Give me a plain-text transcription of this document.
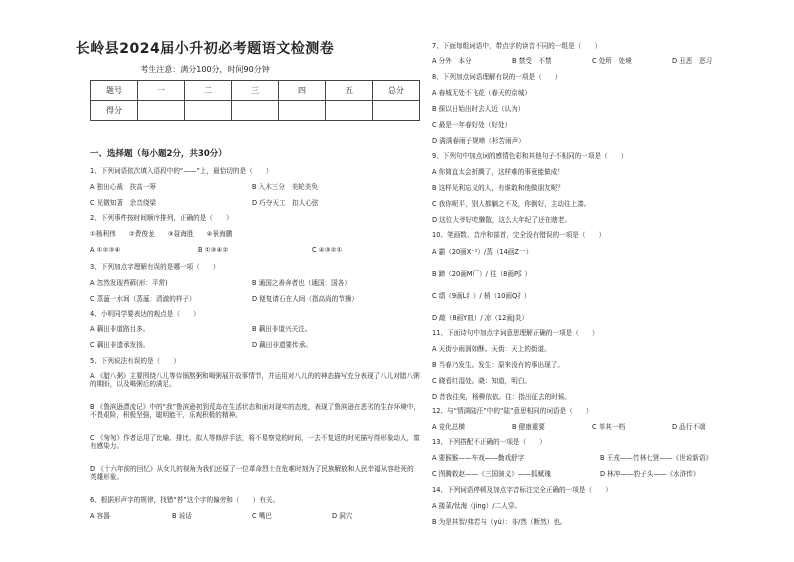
长岭县2024届小升初必考题语文检测卷
考生注意：满分100分，时间90分钟
题号	一	二	三	四	五	总分
得分						
一、选择题（每小题2分，共30分）
1、下列词语依次填入语段中的“——”上，最恰切的是（　　）
A 独出心裁　扶高一筹	B 入木三分　美轮美奂
C 见微知著　余音绕梁	D 巧夺天工　扣人心弦
2、下列事件按时间顺序排列，正确的是（　　）
①杨利伟　　②费俊龙　　③聂海胜　　④景海鹏
A ①②③④	B ①③④②	C ④③②①
3、下列加点字理解有误的是哪一项（　　）
A 忽然发现苔藓(形：平常)	B 通国之善奔者也（通国：国各）
C 蒸蕰一水间（蒸蕰：清澈的样子）	D 便复请石在人间（指高尚的节操）
4、小明同学要表达的观点是（　　）
A 藕田非道路目多。	B 藕田非道兴关注。
C 藕田非遗承发扬。	D 藕田非遗要传承。
5、下列说法有误的是（　　）
A 《腊八粥》主要围绕八儿等待锅熬粥和喝粥展开故事情节，并运用对八儿的的神态描写充分表现了八儿对腊八粥的期盼，以及喝粥后的满足。
B 《鲁滨逊漂流记》中的“我”鲁滨逊初到荒岛在生活状态和面对现实的态度，表现了鲁滨逊在恶劣的生存环境中，不畏艰险，积极坚强，聪明能干，乐观积极的精神。
C 《匆匆》作者运用了比喻、排比、拟人等修辞手法，将不易察觉的时间，一去不复返的时光描写得形象动人，富有感染力。
D 《十六年前的回忆》从女儿的视角为我们还原了一位革命烈士在危难时刻为了民族解放和人民幸福从容赴死的英雄形象。
6、根据形声字的规律，找错“苔”这个字的偏旁和（　　）有关。
A 容器	B 说话	C 嘴巴	D 洞穴
7、下面每组词语中，带点字的读音不同的一组是（　　）
A 分外　本分	B 禁受　不禁	C 处所　处境	D 丑恶　恶习
8、下列加点词语理解有误的一项是（　　）
A 春城无处不飞花（春天的京城）
B 探以日始出时去人近（认为）
C 最是一年春好处（好处）
D 满满春雨子规啼（杉苦雨声）
9、下列句中加点词的感情色彩和其他句子不相同的一项是（　　）
A 你简直太会折腾了，这样难的事竟能做成！
B 这样见利忘义的人，有谁敢和他做朋友呢？
C 我你呢平，别人都躺之不及，你倒好，主动往上凑。
D 这位大爷好吃懒散，这么大年纪了还在瞎老。
10、笔画数、音序和部首，完全没有错误的一项是（　　）
A 霸（20画X⁻¹）/蒸（14画Z⁻⁻）
B 蹄（20画M厂）/ 往（8画P⻖）
C 绩（9画L纟）/ 梢（10画Q扌）
D 敲（8画Y⽫）/ 凉（12画J炎）
11、下面诗句中加点字词意思理解正确的一项是（　　）
A 天街小雨润如酥。天街：天上的街道。
B 当春乃发生。发生：原来没有的事出现了。
C 晓看红湿处。晓：知道，明白。
D 昔我往矣，杨柳依依。往：指出征去的时候。
12、与“情满陆汪”中的“陆”意思相同的词语是（　　）
A 竞化总横	B 健康重要	C 单其一档	D 品行不端
13、下列搭配不正确的一项是（　　）
A 要猴猴——车戏——勤戏舒字	B 王戎——竹林七贤——《世说新语》
C 图腾救赵——《三国演义》——狐赋瑰	D 林冲——豹子头——《水浒传》
14、下列词语停顿及加点字音标注完全正确的一项是（　　）
A 搂菜/钛海（jing）/二人穿。
B 为是其智/弗若与（yú）：非/然（断然）也。
